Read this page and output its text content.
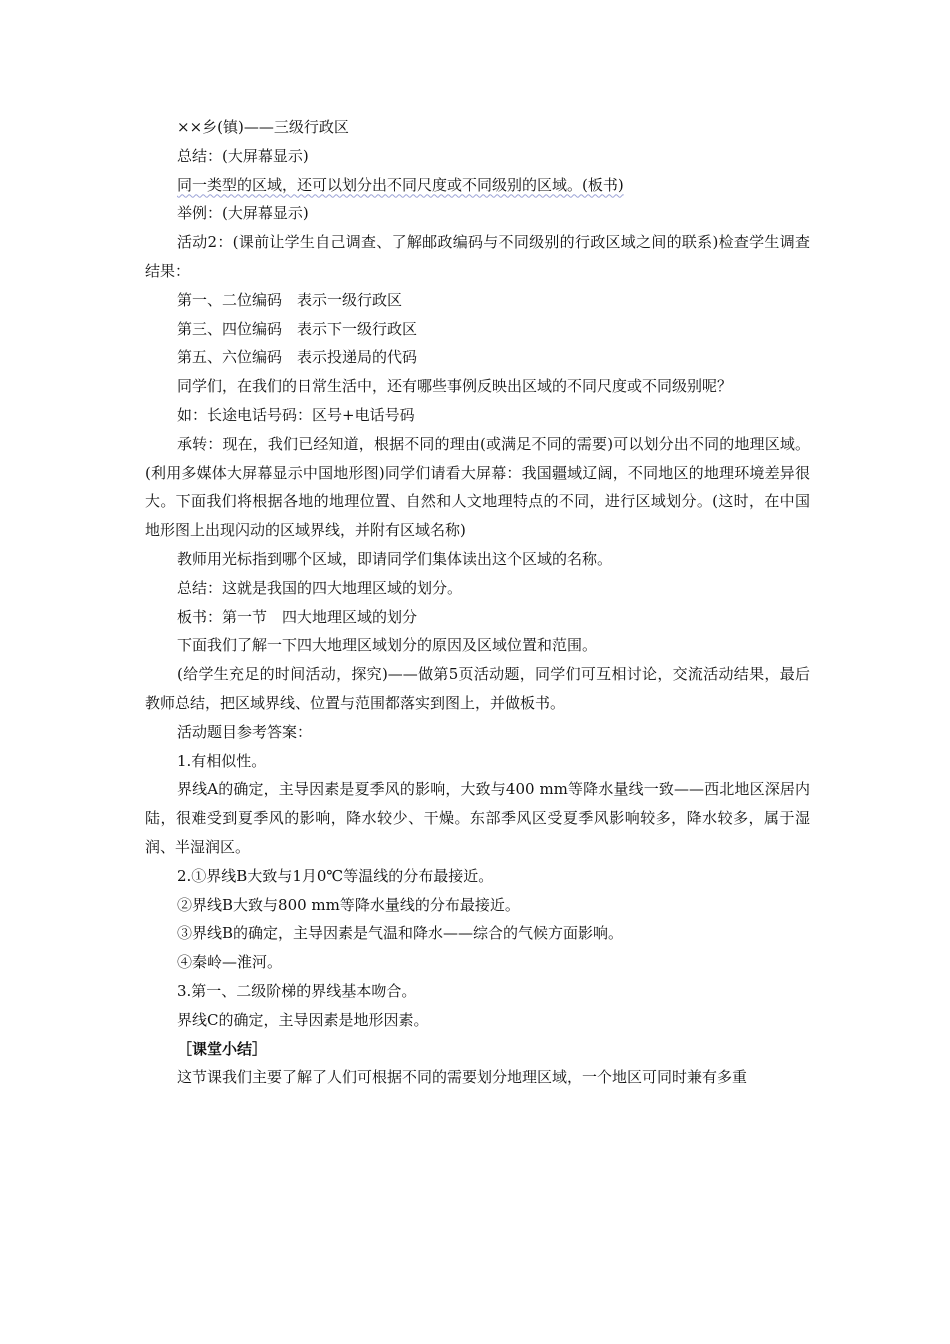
××乡(镇)——三级行政区

总结：(大屏幕显示)

同一类型的区域，还可以划分出不同尺度或不同级别的区域。(板书)

举例：(大屏幕显示)

活动2：(课前让学生自己调查、了解邮政编码与不同级别的行政区域之间的联系)检查学生调查结果：

第一、二位编码　表示一级行政区

第三、四位编码　表示下一级行政区

第五、六位编码　表示投递局的代码

同学们，在我们的日常生活中，还有哪些事例反映出区域的不同尺度或不同级别呢？

如：长途电话号码：区号+电话号码

承转：现在，我们已经知道，根据不同的理由(或满足不同的需要)可以划分出不同的地理区域。(利用多媒体大屏幕显示中国地形图)同学们请看大屏幕：我国疆域辽阔，不同地区的地理环境差异很大。下面我们将根据各地的地理位置、自然和人文地理特点的不同，进行区域划分。(这时，在中国地形图上出现闪动的区域界线，并附有区域名称)

教师用光标指到哪个区域，即请同学们集体读出这个区域的名称。

总结：这就是我国的四大地理区域的划分。

板书：第一节　四大地理区域的划分

下面我们了解一下四大地理区域划分的原因及区域位置和范围。

(给学生充足的时间活动，探究)——做第5页活动题，同学们可互相讨论，交流活动结果，最后教师总结，把区域界线、位置与范围都落实到图上，并做板书。

活动题目参考答案：

1.有相似性。

界线A的确定，主导因素是夏季风的影响，大致与400 mm等降水量线一致——西北地区深居内陆，很难受到夏季风的影响，降水较少、干燥。东部季风区受夏季风影响较多，降水较多，属于湿润、半湿润区。

2.①界线B大致与1月0℃等温线的分布最接近。

②界线B大致与800 mm等降水量线的分布最接近。

③界线B的确定，主导因素是气温和降水——综合的气候方面影响。

④秦岭—淮河。

3.第一、二级阶梯的界线基本吻合。

界线C的确定，主导因素是地形因素。

［课堂小结］

这节课我们主要了解了人们可根据不同的需要划分地理区域，一个地区可同时兼有多重
